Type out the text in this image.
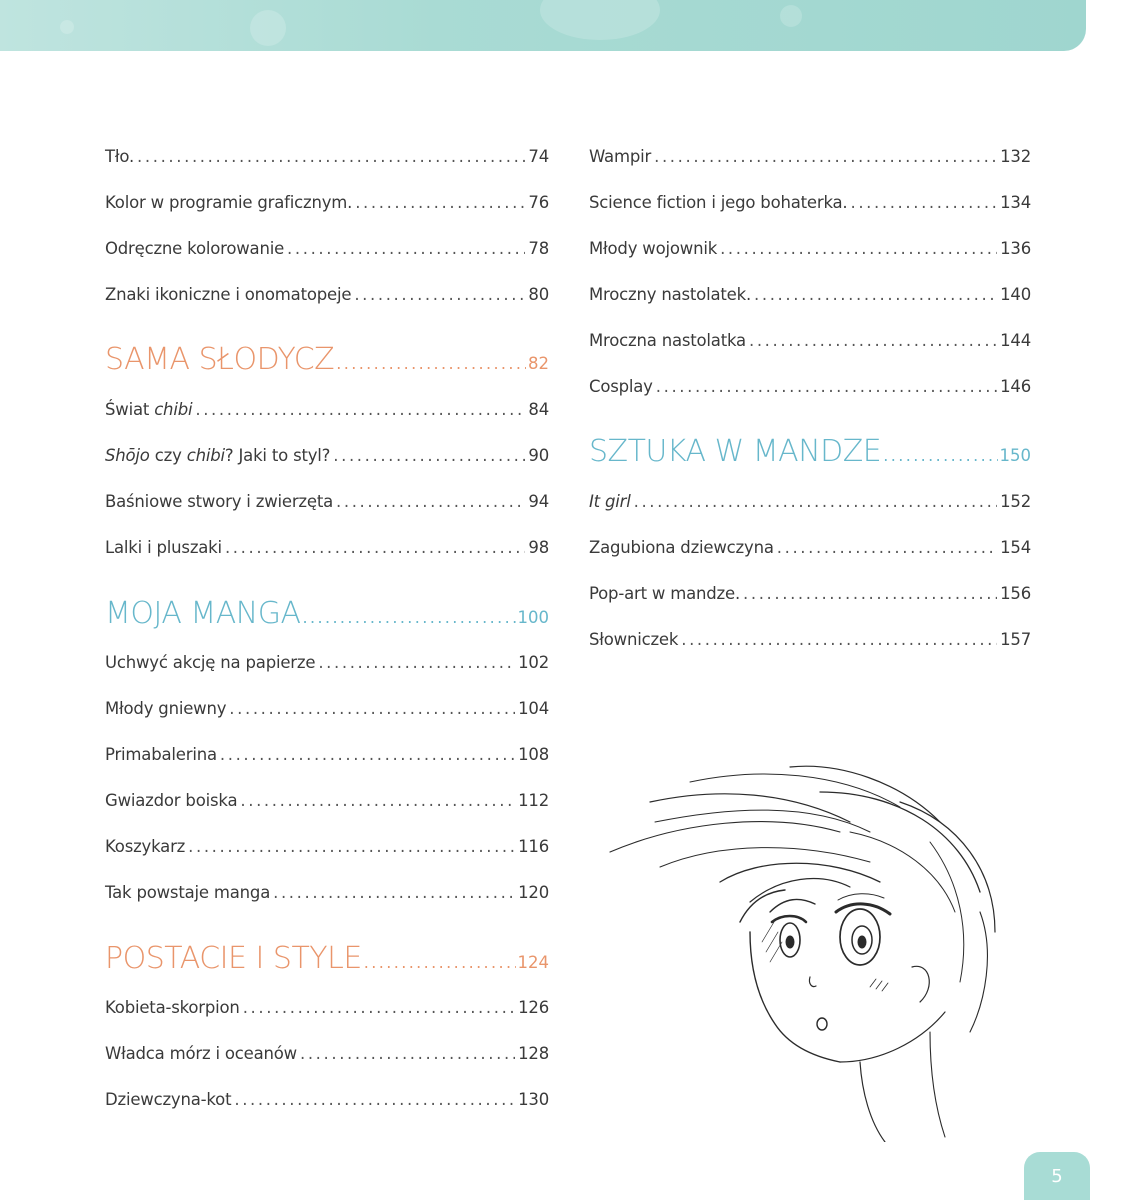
Tło. .....	74
Kolor w programie graficznym. .....	76
Odręczne kolorowanie .....	78
Znaki ikoniczne i onomatopeje .....	80
SAMA SŁODYCZ .....	82
Świat chibi .....	84
Shōjo czy chibi? Jaki to styl? .....	90
Baśniowe stwory i zwierzęta .....	94
Lalki i pluszaki .....	98
MOJA MANGA .....	100
Uchwyć akcję na papierze .....	102
Młody gniewny .....	104
Primabalerina .....	108
Gwiazdor boiska .....	112
Koszykarz .....	116
Tak powstaje manga .....	120
POSTACIE I STYLE .....	124
Kobieta-skorpion .....	126
Władca mórz i oceanów .....	128
Dziewczyna-kot .....	130
Wampir .....	132
Science fiction i jego bohaterka. .....	134
Młody wojownik .....	136
Mroczny nastolatek. .....	140
Mroczna nastolatka .....	144
Cosplay .....	146
SZTUKA W MANDZE .....	150
It girl .....	152
Zagubiona dziewczyna .....	154
Pop-art w mandze. .....	156
Słowniczek .....	157
5
